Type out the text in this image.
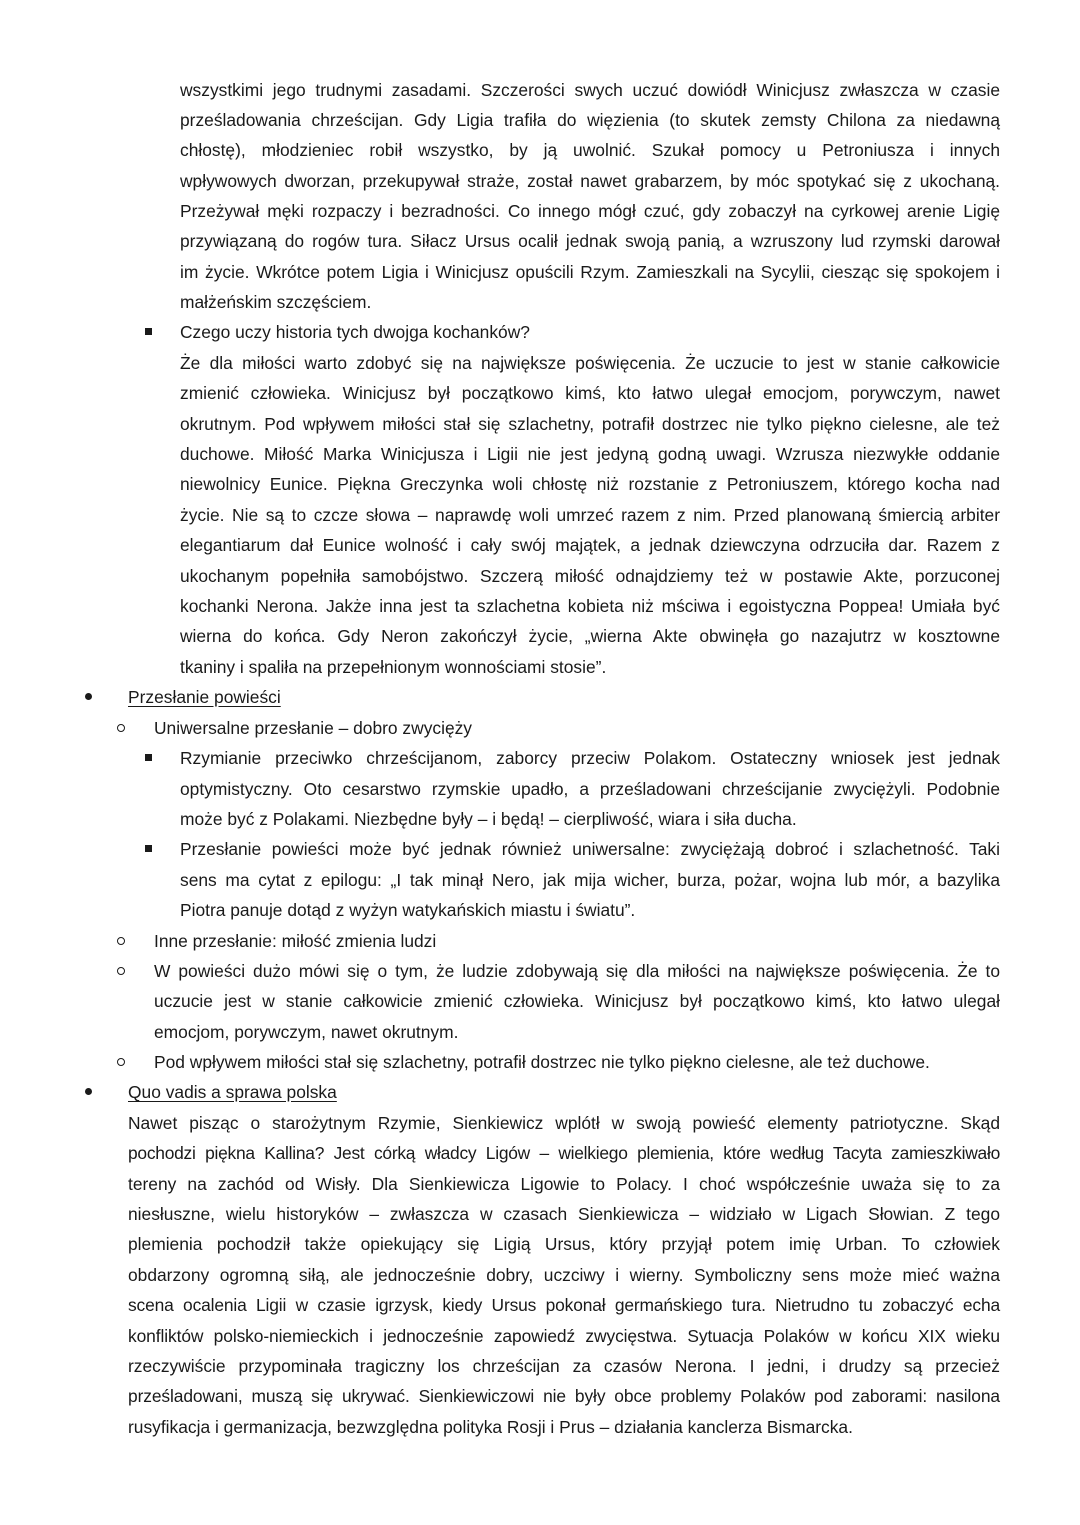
wszystkimi jego trudnymi zasadami. Szczerości swych uczuć dowiódł Winicjusz zwłaszcza w czasie
prześladowania chrześcijan. Gdy Ligia trafiła do więzienia (to skutek zemsty Chilona za niedawną
chłostę), młodzieniec robił wszystko, by ją uwolnić. Szukał pomocy u Petroniusza i innych
wpływowych dworzan, przekupywał straże, został nawet grabarzem, by móc spotykać się z ukochaną.
Przeżywał męki rozpaczy i bezradności. Co innego mógł czuć, gdy zobaczył na cyrkowej arenie Ligię
przywiązaną do rogów tura. Siłacz Ursus ocalił jednak swoją panią, a wzruszony lud rzymski darował
im życie. Wkrótce potem Ligia i Winicjusz opuścili Rzym. Zamieszkali na Sycylii, ciesząc się spokojem i
małżeńskim szczęściem.
Czego uczy historia tych dwojga kochanków?
Że dla miłości warto zdobyć się na największe poświęcenia. Że uczucie to jest w stanie całkowicie
zmienić człowieka. Winicjusz był początkowo kimś, kto łatwo ulegał emocjom, porywczym, nawet
okrutnym. Pod wpływem miłości stał się szlachetny, potrafił dostrzec nie tylko piękno cielesne, ale też
duchowe. Miłość Marka Winicjusza i Ligii nie jest jedyną godną uwagi. Wzrusza niezwykłe oddanie
niewolnicy Eunice. Piękna Greczynka woli chłostę niż rozstanie z Petroniuszem, którego kocha nad
życie. Nie są to czcze słowa – naprawdę woli umrzeć razem z nim. Przed planowaną śmiercią arbiter
elegantiarum dał Eunice wolność i cały swój majątek, a jednak dziewczyna odrzuciła dar. Razem z
ukochanym popełniła samobójstwo. Szczerą miłość odnajdziemy też w postawie Akte, porzuconej
kochanki Nerona. Jakże inna jest ta szlachetna kobieta niż mściwa i egoistyczna Poppea! Umiała być
wierna do końca. Gdy Neron zakończył życie, „wierna Akte obwinęła go nazajutrz w kosztowne
tkaniny i spaliła na przepełnionym wonnościami stosie”.
Przesłanie powieści
Uniwersalne przesłanie – dobro zwycięży
Rzymianie przeciwko chrześcijanom, zaborcy przeciw Polakom. Ostateczny wniosek jest jednak
optymistyczny. Oto cesarstwo rzymskie upadło, a prześladowani chrześcijanie zwyciężyli. Podobnie
może być z Polakami. Niezbędne były – i będą! – cierpliwość, wiara i siła ducha.
Przesłanie powieści może być jednak również uniwersalne: zwyciężają dobroć i szlachetność. Taki
sens ma cytat z epilogu: „I tak minął Nero, jak mija wicher, burza, pożar, wojna lub mór, a bazylika
Piotra panuje dotąd z wyżyn watykańskich miastu i światu”.
Inne przesłanie: miłość zmienia ludzi
W powieści dużo mówi się o tym, że ludzie zdobywają się dla miłości na największe poświęcenia. Że to
uczucie jest w stanie całkowicie zmienić człowieka. Winicjusz był początkowo kimś, kto łatwo ulegał
emocjom, porywczym, nawet okrutnym.
Pod wpływem miłości stał się szlachetny, potrafił dostrzec nie tylko piękno cielesne, ale też duchowe.
Quo vadis a sprawa polska
Nawet pisząc o starożytnym Rzymie, Sienkiewicz wplótł w swoją powieść elementy patriotyczne. Skąd
pochodzi piękna Kallina? Jest córką władcy Ligów – wielkiego plemienia, które według Tacyta zamieszkiwało
tereny na zachód od Wisły. Dla Sienkiewicza Ligowie to Polacy. I choć współcześnie uważa się to za
niesłuszne, wielu historyków – zwłaszcza w czasach Sienkiewicza – widziało w Ligach Słowian. Z tego
plemienia pochodził także opiekujący się Ligią Ursus, który przyjął potem imię Urban. To człowiek
obdarzony ogromną siłą, ale jednocześnie dobry, uczciwy i wierny. Symboliczny sens może mieć ważna
scena ocalenia Ligii w czasie igrzysk, kiedy Ursus pokonał germańskiego tura. Nietrudno tu zobaczyć echa
konfliktów polsko-niemieckich i jednocześnie zapowiedź zwycięstwa. Sytuacja Polaków w końcu XIX wieku
rzeczywiście przypominała tragiczny los chrześcijan za czasów Nerona. I jedni, i drudzy są przecież
prześladowani, muszą się ukrywać. Sienkiewiczowi nie były obce problemy Polaków pod zaborami: nasilona
rusyfikacja i germanizacja, bezwzględna polityka Rosji i Prus – działania kanclerza Bismarcka.
